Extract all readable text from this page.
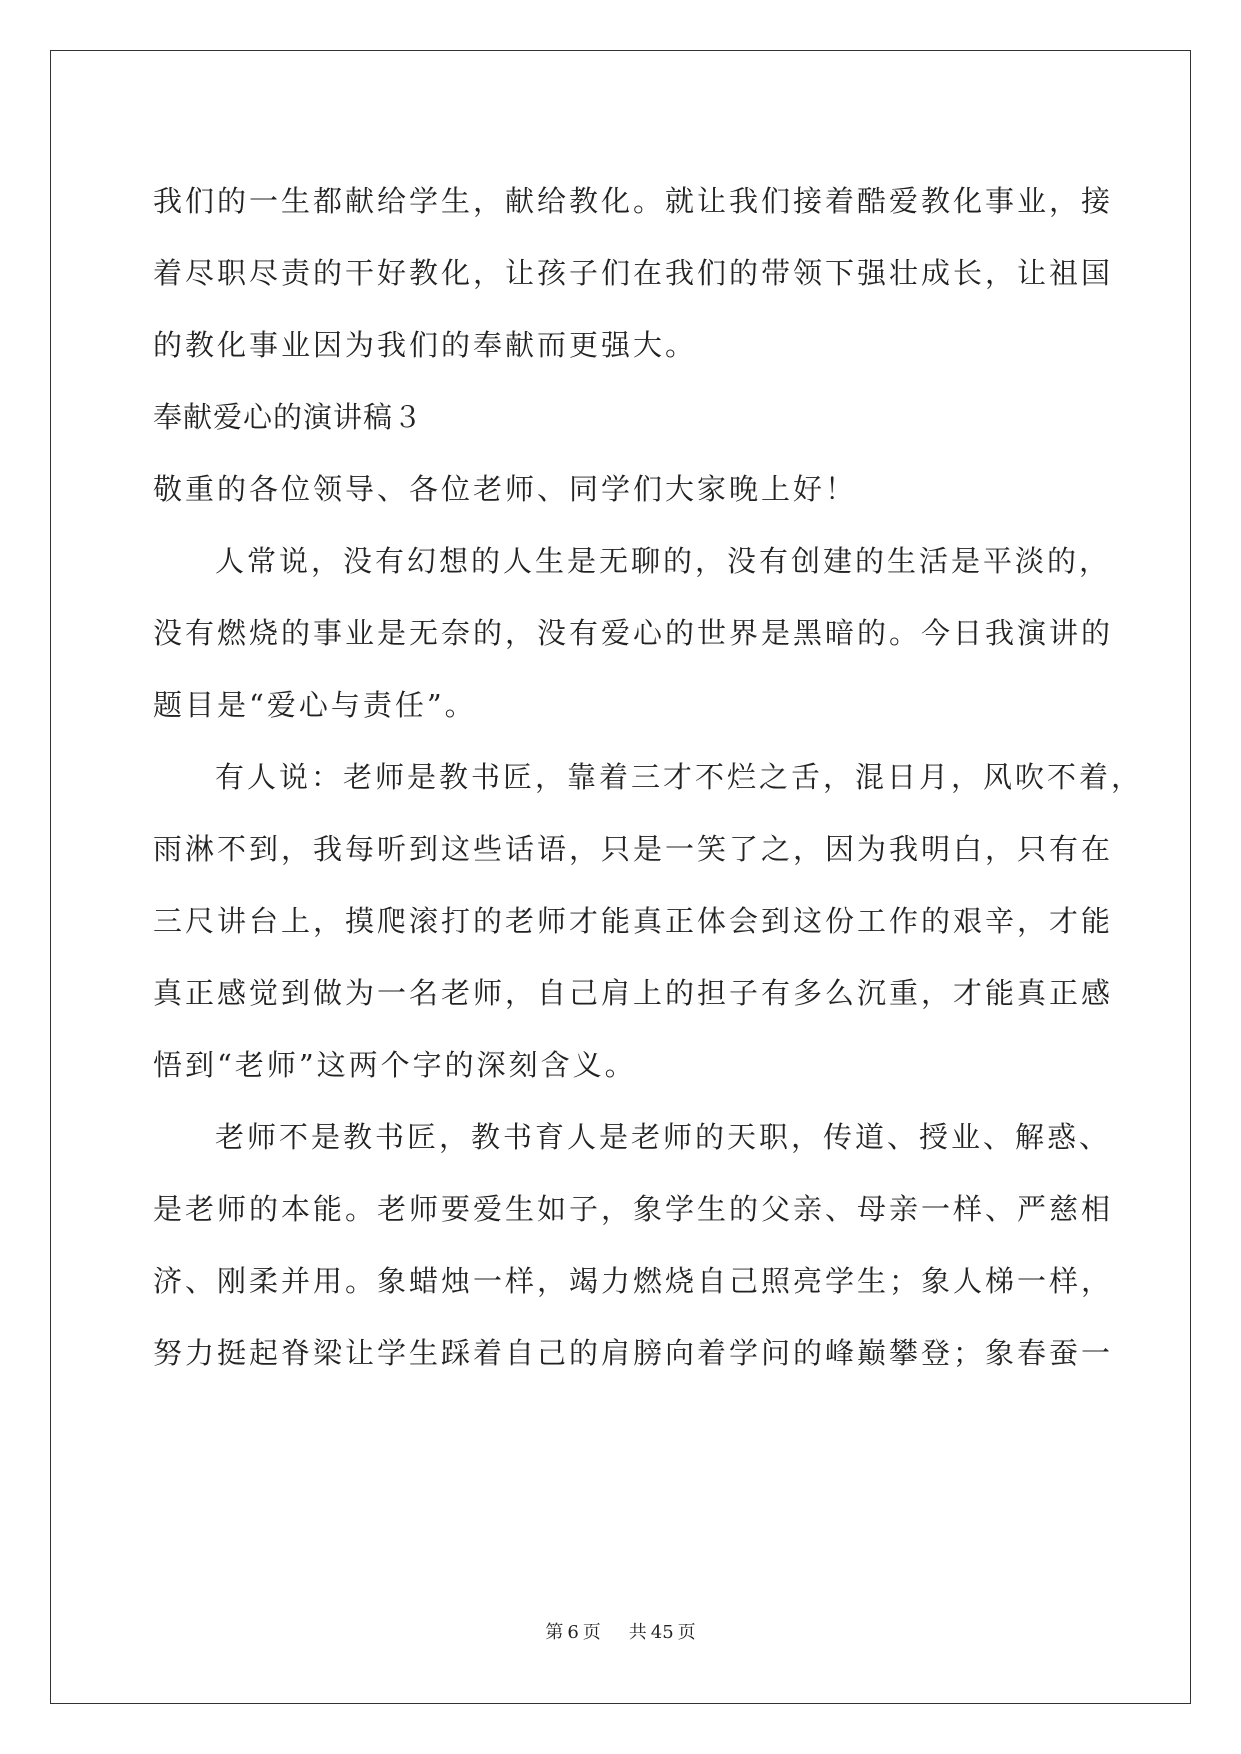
我们的一生都献给学生，献给教化。就让我们接着酷爱教化事业，接
着尽职尽责的干好教化，让孩子们在我们的带领下强壮成长，让祖国
的教化事业因为我们的奉献而更强大。
奉献爱心的演讲稿３
敬重的各位领导、各位老师、同学们大家晚上好！
人常说，没有幻想的人生是无聊的，没有创建的生活是平淡的，
没有燃烧的事业是无奈的，没有爱心的世界是黑暗的。今日我演讲的
题目是“爱心与责任”。
有人说：老师是教书匠，靠着三才不烂之舌，混日月，风吹不着，
雨淋不到，我每听到这些话语，只是一笑了之，因为我明白，只有在
三尺讲台上，摸爬滚打的老师才能真正体会到这份工作的艰辛，才能
真正感觉到做为一名老师，自己肩上的担子有多么沉重，才能真正感
悟到“老师”这两个字的深刻含义。
老师不是教书匠，教书育人是老师的天职，传道、授业、解惑、
是老师的本能。老师要爱生如子，象学生的父亲、母亲一样、严慈相
济、刚柔并用。象蜡烛一样，竭力燃烧自己照亮学生；象人梯一样，
努力挺起脊梁让学生踩着自己的肩膀向着学问的峰巅攀登；象春蚕一
第 6 页 共 45 页
